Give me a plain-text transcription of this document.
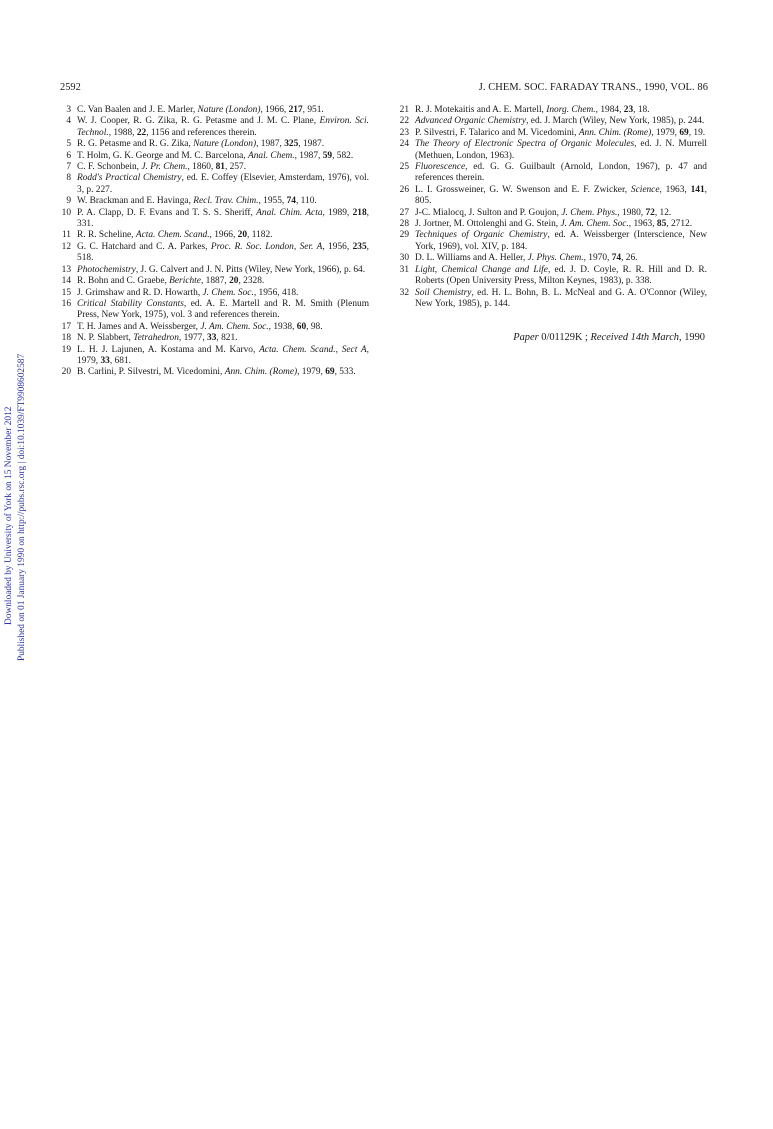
2592	J. CHEM. SOC. FARADAY TRANS., 1990, VOL. 86
Downloaded by University of York on 15 November 2012 Published on 01 January 1990 on http://pubs.rsc.org | doi:10.1039/FT9908602587
3 C. Van Baalen and J. E. Marler, Nature (London), 1966, 217, 951.
4 W. J. Cooper, R. G. Zika, R. G. Petasme and J. M. C. Plane, Environ. Sci. Technol., 1988, 22, 1156 and references therein.
5 R. G. Petasme and R. G. Zika, Nature (London), 1987, 325, 1987.
6 T. Holm, G. K. George and M. C. Barcelona, Anal. Chem., 1987, 59, 582.
7 C. F. Schonbein, J. Pr. Chem., 1860, 81, 257.
8 Rodd's Practical Chemistry, ed. E. Coffey (Elsevier, Amsterdam, 1976), vol. 3, p. 227.
9 W. Brackman and E. Havinga, Recl. Trav. Chim., 1955, 74, 110.
10 P. A. Clapp, D. F. Evans and T. S. S. Sheriff, Anal. Chim. Acta, 1989, 218, 331.
11 R. R. Scheline, Acta. Chem. Scand., 1966, 20, 1182.
12 G. C. Hatchard and C. A. Parkes, Proc. R. Soc. London, Ser. A, 1956, 235, 518.
13 Photochemistry, J. G. Calvert and J. N. Pitts (Wiley, New York, 1966), p. 64.
14 R. Bohn and C. Graebe, Berichte, 1887, 20, 2328.
15 J. Grimshaw and R. D. Howarth, J. Chem. Soc., 1956, 418.
16 Critical Stability Constants, ed. A. E. Martell and R. M. Smith (Plenum Press, New York, 1975), vol. 3 and references therein.
17 T. H. James and A. Weissberger, J. Am. Chem. Soc., 1938, 60, 98.
18 N. P. Slabbert, Tetrahedron, 1977, 33, 821.
19 L. H. J. Lajunen, A. Kostama and M. Karvo, Acta. Chem. Scand., Sect A, 1979, 33, 681.
20 B. Carlini, P. Silvestri, M. Vicedomini, Ann. Chim. (Rome), 1979, 69, 533.
21 R. J. Motekaitis and A. E. Martell, Inorg. Chem., 1984, 23, 18.
22 Advanced Organic Chemistry, ed. J. March (Wiley, New York, 1985), p. 244.
23 P. Silvestri, F. Talarico and M. Vicedomini, Ann. Chim. (Rome), 1979, 69, 19.
24 The Theory of Electronic Spectra of Organic Molecules, ed. J. N. Murrell (Methuen, London, 1963).
25 Fluorescence, ed. G. G. Guilbault (Arnold, London, 1967), p. 47 and references therein.
26 L. I. Grossweiner, G. W. Swenson and E. F. Zwicker, Science, 1963, 141, 805.
27 J-C. Mialocq, J. Sulton and P. Goujon, J. Chem. Phys., 1980, 72, 12.
28 J. Jortner, M. Ottolenghi and G. Stein, J. Am. Chem. Soc., 1963, 85, 2712.
29 Techniques of Organic Chemistry, ed. A. Weissberger (Interscience, New York, 1969), vol. XIV, p. 184.
30 D. L. Williams and A. Heller, J. Phys. Chem., 1970, 74, 26.
31 Light, Chemical Change and Life, ed. J. D. Coyle, R. R. Hill and D. R. Roberts (Open University Press, Milton Keynes, 1983), p. 338.
32 Soil Chemistry, ed. H. L. Bohn, B. L. McNeal and G. A. O'Connor (Wiley, New York, 1985), p. 144.
Paper 0/01129K ; Received 14th March, 1990
